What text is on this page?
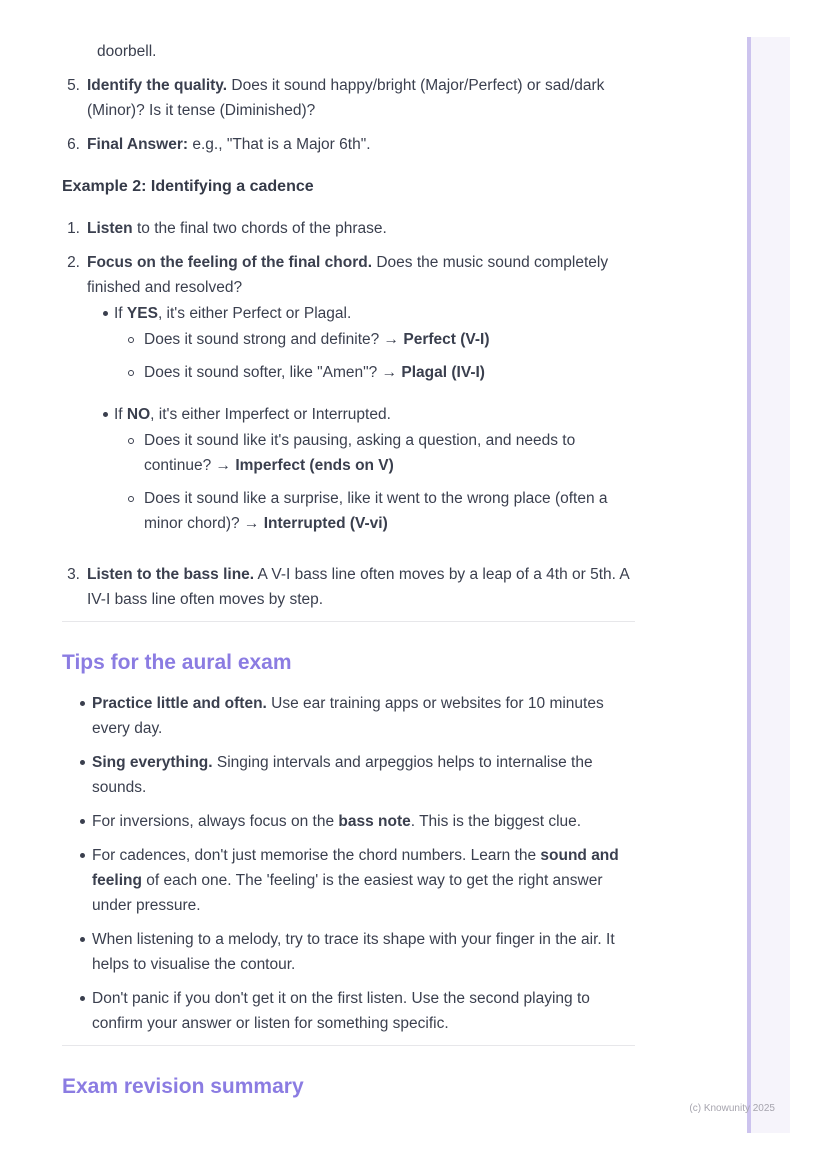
doorbell.

5. Identify the quality. Does it sound happy/bright (Major/Perfect) or sad/dark (Minor)? Is it tense (Diminished)?
6. Final Answer: e.g., "That is a Major 6th".
Example 2: Identifying a cadence
1. Listen to the final two chords of the phrase.
2. Focus on the feeling of the final chord. Does the music sound completely finished and resolved?
If YES, it's either Perfect or Plagal.
Does it sound strong and definite? → Perfect (V-I)
Does it sound softer, like "Amen"? → Plagal (IV-I)
If NO, it's either Imperfect or Interrupted.
Does it sound like it's pausing, asking a question, and needs to continue? → Imperfect (ends on V)
Does it sound like a surprise, like it went to the wrong place (often a minor chord)? → Interrupted (V-vi)
3. Listen to the bass line. A V-I bass line often moves by a leap of a 4th or 5th. A IV-I bass line often moves by step.
Tips for the aural exam
Practice little and often. Use ear training apps or websites for 10 minutes every day.
Sing everything. Singing intervals and arpeggios helps to internalise the sounds.
For inversions, always focus on the bass note. This is the biggest clue.
For cadences, don't just memorise the chord numbers. Learn the sound and feeling of each one. The 'feeling' is the easiest way to get the right answer under pressure.
When listening to a melody, try to trace its shape with your finger in the air. It helps to visualise the contour.
Don't panic if you don't get it on the first listen. Use the second playing to confirm your answer or listen for something specific.
Exam revision summary
(c) Knowunity 2025
